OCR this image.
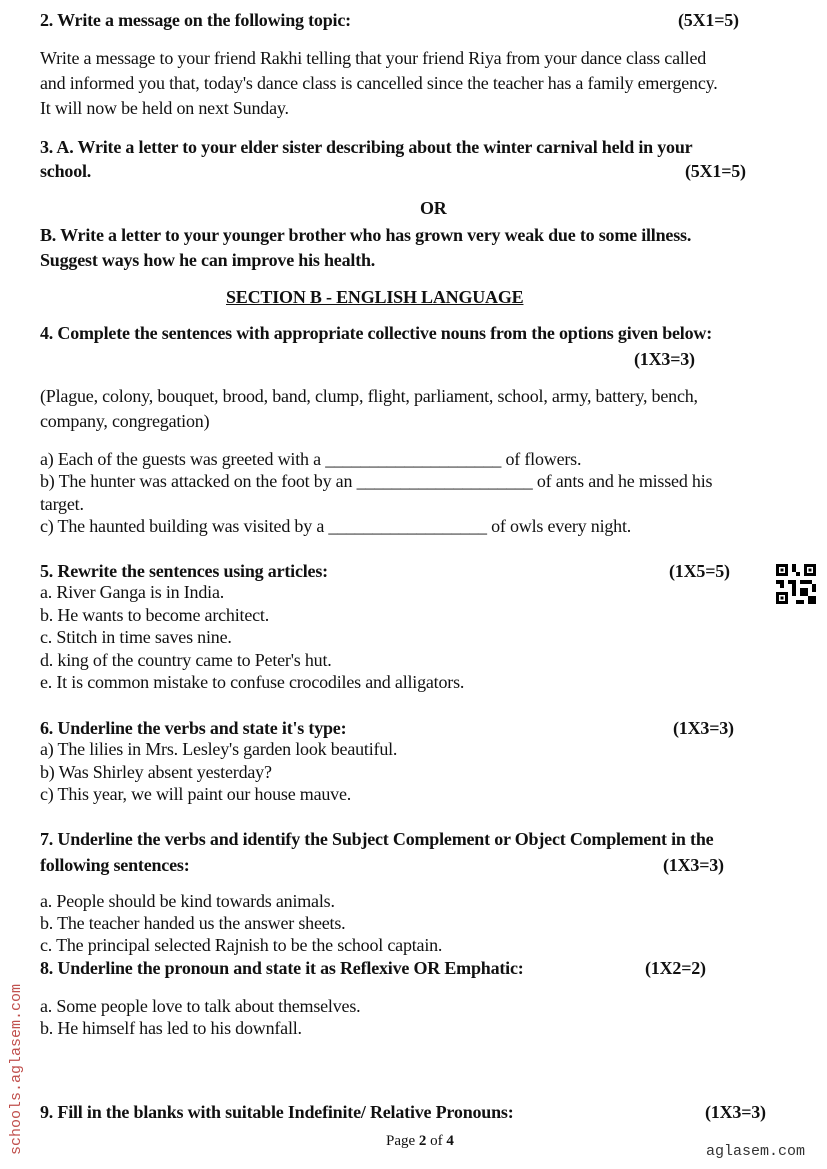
2. Write a message on the following topic:	(5X1=5)
Write a message to your friend Rakhi telling that your friend Riya from your dance class called
and informed you that, today's dance class is cancelled since the teacher has a family emergency.
It will now be held on next Sunday.
3. A. Write a letter to your elder sister describing about the winter carnival held in your
school.	(5X1=5)
OR
B. Write a letter to your younger brother who has grown very weak due to some illness.
Suggest ways how he can improve his health.
SECTION B - ENGLISH LANGUAGE
4. Complete the sentences with appropriate collective nouns from the options given below:
(1X3=3)
(Plague, colony, bouquet, brood, band, clump, flight, parliament, school, army, battery, bench,
company, congregation)
a) Each of the guests was greeted with a ____________________ of flowers.
b) The hunter was attacked on the foot by an ____________________ of ants and he missed his
target.
c) The haunted building was visited by a __________________ of owls every night.
5. Rewrite the sentences using articles:	(1X5=5)
a. River Ganga is in India.
b. He wants to become architect.
c. Stitch in time saves nine.
d. king of the country came to Peter's hut.
e. It is common mistake to confuse crocodiles and alligators.
6. Underline the verbs and state it's type:	(1X3=3)
a) The lilies in Mrs. Lesley's garden look beautiful.
b) Was Shirley absent yesterday?
c) This year, we will paint our house mauve.
7. Underline the verbs and identify the Subject Complement or Object Complement in the
following sentences:	(1X3=3)
a. People should be kind towards animals.
b. The teacher handed us the answer sheets.
c. The principal selected Rajnish to be the school captain.
8. Underline the pronoun and state it as Reflexive OR Emphatic:	(1X2=2)
a. Some people love to talk about themselves.
b. He himself has led to his downfall.
9. Fill in the blanks with suitable Indefinite/ Relative Pronouns:	(1X3=3)
Page 2 of 4
schools.aglasem.com	aglasem.com
